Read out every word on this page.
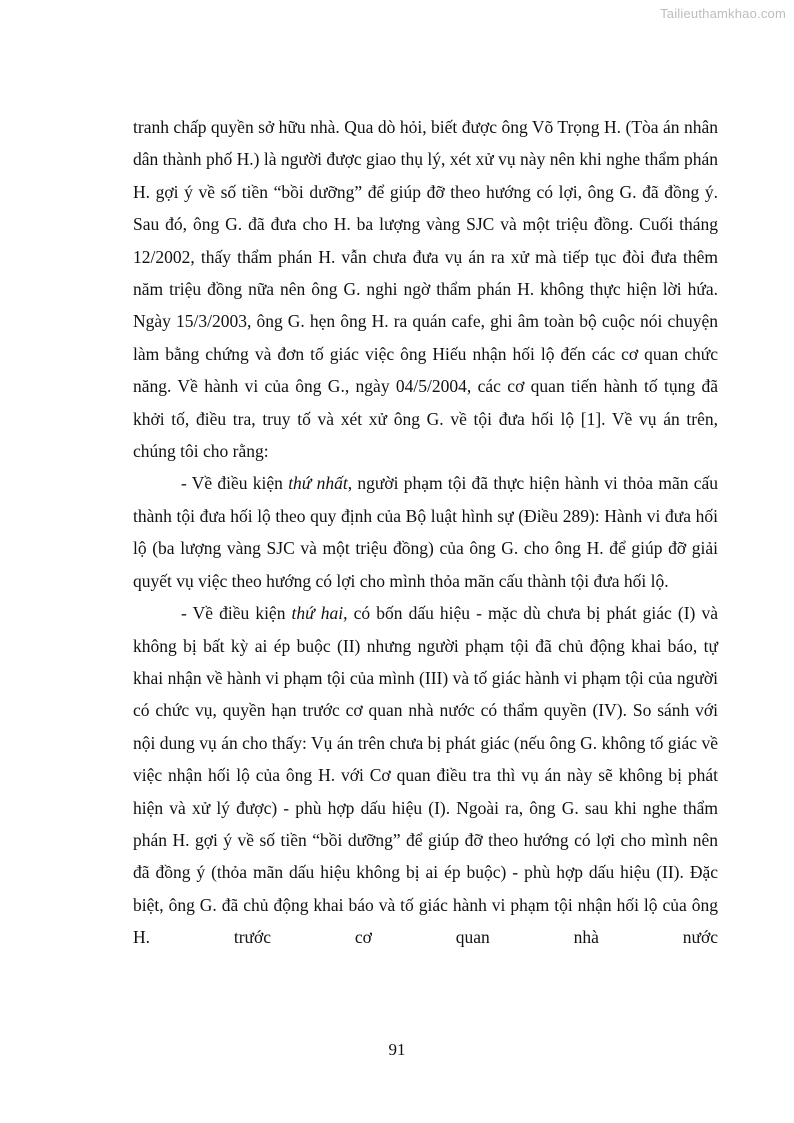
Tailieuthamkhao.com

tranh chấp quyền sở hữu nhà. Qua dò hỏi, biết được ông Võ Trọng H. (Tòa án nhân dân thành phố H.) là người được giao thụ lý, xét xử vụ này nên khi nghe thẩm phán H. gợi ý về số tiền “bồi dưỡng” để giúp đỡ theo hướng có lợi, ông G. đã đồng ý. Sau đó, ông G. đã đưa cho H. ba lượng vàng SJC và một triệu đồng. Cuối tháng 12/2002, thấy thẩm phán H. vẫn chưa đưa vụ án ra xử mà tiếp tục đòi đưa thêm năm triệu đồng nữa nên ông G. nghi ngờ thẩm phán H. không thực hiện lời hứa. Ngày 15/3/2003, ông G. hẹn ông H. ra quán cafe, ghi âm toàn bộ cuộc nói chuyện làm bằng chứng và đơn tố giác việc ông Hiếu nhận hối lộ đến các cơ quan chức năng. Về hành vi của ông G., ngày 04/5/2004, các cơ quan tiến hành tố tụng đã khởi tố, điều tra, truy tố và xét xử ông G. về tội đưa hối lộ [1]. Về vụ án trên, chúng tôi cho rằng:

- Về điều kiện thứ nhất, người phạm tội đã thực hiện hành vi thỏa mãn cấu thành tội đưa hối lộ theo quy định của Bộ luật hình sự (Điều 289): Hành vi đưa hối lộ (ba lượng vàng SJC và một triệu đồng) của ông G. cho ông H. để giúp đỡ giải quyết vụ việc theo hướng có lợi cho mình thỏa mãn cấu thành tội đưa hối lộ.

- Về điều kiện thứ hai, có bốn dấu hiệu - mặc dù chưa bị phát giác (I) và không bị bất kỳ ai ép buộc (II) nhưng người phạm tội đã chủ động khai báo, tự khai nhận về hành vi phạm tội của mình (III) và tố giác hành vi phạm tội của người có chức vụ, quyền hạn trước cơ quan nhà nước có thẩm quyền (IV). So sánh với nội dung vụ án cho thấy: Vụ án trên chưa bị phát giác (nếu ông G. không tố giác về việc nhận hối lộ của ông H. với Cơ quan điều tra thì vụ án này sẽ không bị phát hiện và xử lý được) - phù hợp dấu hiệu (I). Ngoài ra, ông G. sau khi nghe thẩm phán H. gợi ý về số tiền “bồi dưỡng” để giúp đỡ theo hướng có lợi cho mình nên đã đồng ý (thỏa mãn dấu hiệu không bị ai ép buộc) - phù hợp dấu hiệu (II). Đặc biệt, ông G. đã chủ động khai báo và tố giác hành vi phạm tội nhận hối lộ của ông H. trước cơ quan nhà nước

91
